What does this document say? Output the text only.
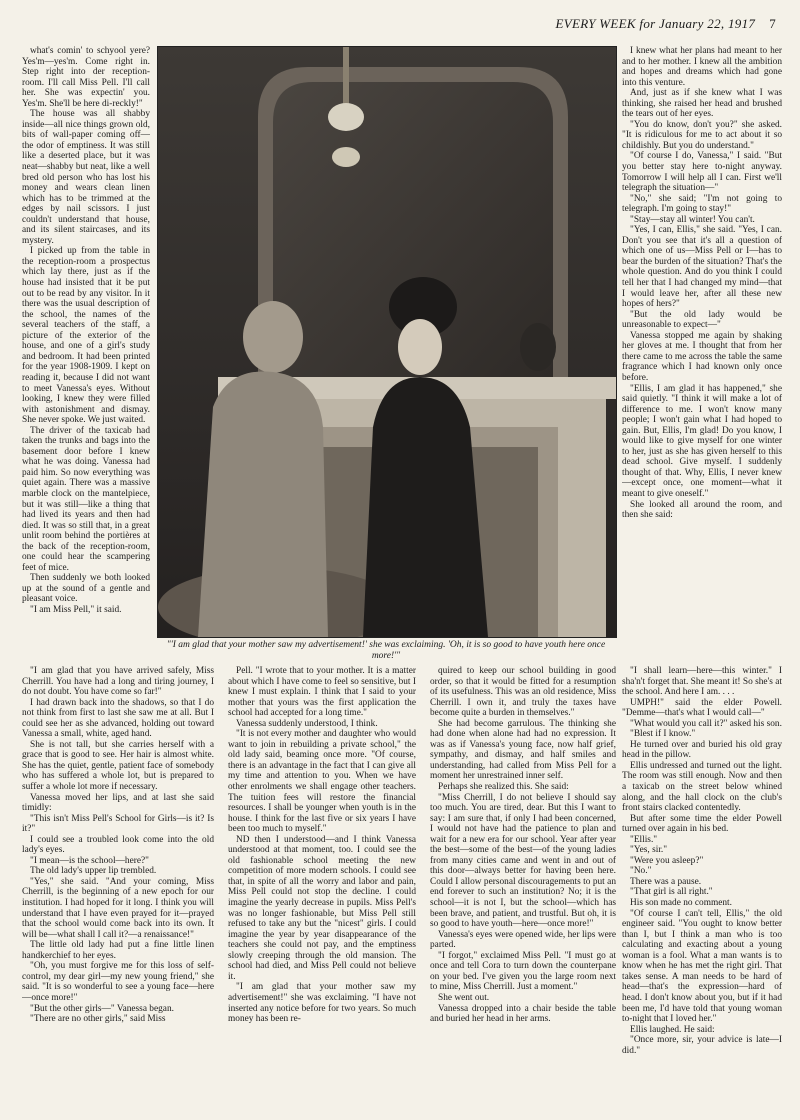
EVERY WEEK for January 22, 1917 7

what's comin' to schyool yere? Yes'm—yes'm. Come right in. Step right into der reception-room. I'll call Miss Pell. I'll call her. She was expectin' you. Yes'm. She'll be here di-reckly!"

The house was all shabby inside—all nice things grown old, bits of wall-paper coming off—the odor of emptiness. It was still like a deserted place, but it was neat—shabby but neat, like a well bred old person who has lost his money and wears clean linen which has to be trimmed at the edges by nail scissors. I just couldn't understand that house, and its silent staircases, and its mystery.

I picked up from the table in the reception-room a prospectus which lay there, just as if the house had insisted that it be put out to be read by any visitor. In it there was the usual description of the school, the names of the several teachers of the staff, a picture of the exterior of the house, and one of a girl's study and bedroom. It had been printed for the year 1908-1909. I kept on reading it, because I did not want to meet Vanessa's eyes. Without looking, I knew they were filled with astonishment and dismay. She never spoke. We just waited.

The driver of the taxicab had taken the trunks and bags into the basement door before I knew what he was doing. Vanessa had paid him. So now everything was quiet again. There was a massive marble clock on the mantelpiece, but it was still—like a thing that had lived its years and then had died. It was so still that, in a great unlit room behind the portières at the back of the reception-room, one could hear the scampering feet of mice.

Then suddenly we both looked up at the sound of a gentle and pleasant voice.

"I am Miss Pell," it said.

"'I am glad that your mother saw my advertisement!' she was exclaiming. 'Oh, it is so good to have youth here once more!'"

I knew what her plans had meant to her and to her mother. I knew all the ambition and hopes and dreams which had gone into this venture.

And, just as if she knew what I was thinking, she raised her head and brushed the tears out of her eyes.

"You do know, don't you?" she asked. "It is ridiculous for me to act about it so childishly. But you do understand."

"Of course I do, Vanessa," I said. "But you better stay here to-night anyway. Tomorrow I will help all I can. First we'll telegraph the situation—"

"No," she said; "I'm not going to telegraph. I'm going to stay!"

"Stay—stay all winter! You can't.

"Yes, I can, Ellis," she said. "Yes, I can. Don't you see that it's all a question of which one of us—Miss Pell or I—has to bear the burden of the situation? That's the whole question. And do you think I could tell her that I had changed my mind—that I would leave her, after all these new hopes of hers?"

"But the old lady would be unreasonable to expect—"

Vanessa stopped me again by shaking her gloves at me. I thought that from her there came to me across the table the same fragrance which I had known only once before.

"Ellis, I am glad it has happened," she said quietly. "I think it will make a lot of difference to me. I won't know many people; I won't gain what I had hoped to gain. But, Ellis, I'm glad! Do you know, I would like to give myself for one winter to her, just as she has given herself to this dead school. Give myself. I suddenly thought of that. Why, Ellis, I never knew—except once, one moment—what it meant to give oneself."

She looked all around the room, and then she said:

"I am glad that you have arrived safely, Miss Cherrill. You have had a long and tiring journey, I do not doubt. You have come so far!"

I had drawn back into the shadows, so that I do not think from first to last she saw me at all. But I could see her as she advanced, holding out toward Vanessa a small, white, aged hand.

She is not tall, but she carries herself with a grace that is good to see. Her hair is almost white. She has the quiet, gentle, patient face of somebody who has suffered a whole lot, but is prepared to suffer a whole lot more if necessary.

Vanessa moved her lips, and at last she said timidly:

"This isn't Miss Pell's School for Girls—is it? Is it?"

I could see a troubled look come into the old lady's eyes.

"I mean—is the school—here?"

The old lady's upper lip trembled.

"Yes," she said. "And your coming, Miss Cherrill, is the beginning of a new epoch for our institution. I had hoped for it long. I think you will understand that I have even prayed for it—prayed that the school would come back into its own. It will be—what shall I call it?—a renaissance!"

The little old lady had put a fine little linen handkerchief to her eyes.

"Oh, you must forgive me for this loss of self-control, my dear girl—my new young friend," she said. "It is so wonderful to see a young face—here—once more!"

"But the other girls—" Vanessa began.

"There are no other girls," said Miss

Pell. "I wrote that to your mother. It is a matter about which I have come to feel so sensitive, but I knew I must explain. I think that I said to your mother that yours was the first application the school had accepted for a long time."

Vanessa suddenly understood, I think.

"It is not every mother and daughter who would want to join in rebuilding a private school," the old lady said, beaming once more. "Of course, there is an advantage in the fact that I can give all my time and attention to you. When we have other enrolments we shall engage other teachers. The tuition fees will restore the financial resources. I shall be younger when youth is in the house. I think for the last five or six years I have been too much to myself."

ND then I understood—and I think Vanessa understood at that moment, too. I could see the old fashionable school meeting the new competition of more modern schools. I could see that, in spite of all the worry and labor and pain, Miss Pell could not stop the decline. I could imagine the yearly decrease in pupils. Miss Pell's was no longer fashionable, but Miss Pell still refused to take any but the "nicest" girls. I could imagine the year by year disappearance of the teachers she could not pay, and the emptiness slowly creeping through the old mansion. The school had died, and Miss Pell could not believe it.

"I am glad that your mother saw my advertisement!" she was exclaiming. "I have not inserted any notice before for two years. So much money has been re-

quired to keep our school building in good order, so that it would be fitted for a resumption of its usefulness. This was an old residence, Miss Cherrill. I own it, and truly the taxes have become quite a burden in themselves."

She had become garrulous. The thinking she had done when alone had had no expression. It was as if Vanessa's young face, now half grief, sympathy, and dismay, and half smiles and understanding, had called from Miss Pell for a moment her unrestrained inner self.

Perhaps she realized this. She said:

"Miss Cherrill, I do not believe I should say too much. You are tired, dear. But this I want to say: I am sure that, if only I had been concerned, I would not have had the patience to plan and wait for a new era for our school. Year after year the best—some of the best—of the young ladies from many cities came and went in and out of this door—always better for having been here. Could I allow personal discouragements to put an end forever to such an institution? No; it is the school—it is not I, but the school—which has been brave, and patient, and trustful. But oh, it is so good to have youth—here—once more!"

Vanessa's eyes were opened wide, her lips were parted.

"I forgot," exclaimed Miss Pell. "I must go at once and tell Cora to turn down the counterpane on your bed. I've given you the large room next to mine, Miss Cherrill. Just a moment."

She went out.

Vanessa dropped into a chair beside the table and buried her head in her arms.

"I shall learn—here—this winter." I sha'n't forget that. She meant it! So she's at the school. And here I am. . . .

UMPH!" said the elder Powell. "Demme—that's what I would call—"

"What would you call it?" asked his son.

"Blest if I know."

He turned over and buried his old gray head in the pillow.

Ellis undressed and turned out the light. The room was still enough. Now and then a taxicab on the street below whined along, and the hall clock on the club's front stairs clacked contentedly.

But after some time the elder Powell turned over again in his bed.

"Ellis."

"Yes, sir."

"Were you asleep?"

"No."

There was a pause.

"That girl is all right."

His son made no comment.

"Of course I can't tell, Ellis," the old engineer said. "You ought to know better than I, but I think a man who is too calculating and exacting about a young woman is a fool. What a man wants is to know when he has met the right girl. That takes sense. A man needs to be hard of head—that's the expression—hard of head. I don't know about you, but if it had been me, I'd have told that young woman to-night that I loved her."

Ellis laughed. He said:

"Once more, sir, your advice is late—I did."
